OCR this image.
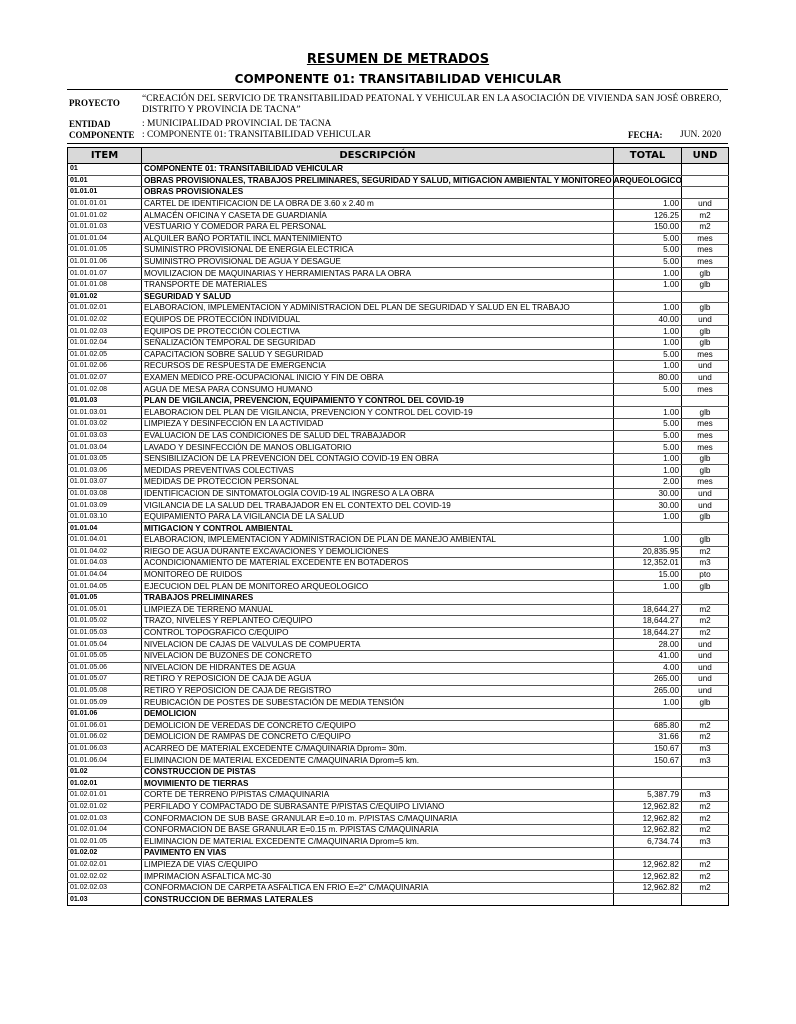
RESUMEN DE METRADOS
COMPONENTE 01: TRANSITABILIDAD VEHICULAR
PROYECTO “CREACIÓN DEL SERVICIO DE TRANSITABILIDAD PEATONAL Y VEHICULAR EN LA ASOCIACIÓN DE VIVIENDA SAN JOSÉ OBRERO,
DISTRITO Y PROVINCIA DE TACNA”
ENTIDAD	: MUNICIPALIDAD PROVINCIAL DE TACNA
COMPONENTE : COMPONENTE 01: TRANSITABILIDAD VEHICULAR	FECHA: JUN. 2020
ITEM	DESCRIPCIÓN	TOTAL	UND
01	COMPONENTE 01: TRANSITABILIDAD VEHICULAR		
01.01	OBRAS PROVISIONALES, TRABAJOS PRELIMINARES, SEGURIDAD Y SALUD, MITIGACION AMBIENTAL Y MONITOREO ARQUEOLOGICO		
01.01.01	OBRAS PROVISIONALES		
01.01.01.01	CARTEL DE IDENTIFICACION DE LA OBRA DE 3.60 x 2.40 m	1.00	und
01.01.01.02	ALMACÉN OFICINA Y CASETA DE GUARDIANÍA	126.25	m2
01.01.01.03	VESTUARIO Y COMEDOR PARA EL PERSONAL	150.00	m2
01.01.01.04	ALQUILER BAÑO PORTATIL INCL MANTENIMIENTO	5.00	mes
01.01.01.05	SUMINISTRO PROVISIONAL DE ENERGIA ELECTRICA	5.00	mes
01.01.01.06	SUMINISTRO PROVISIONAL DE AGUA Y DESAGUE	5.00	mes
01.01.01.07	MOVILIZACION DE MAQUINARIAS Y HERRAMIENTAS PARA LA OBRA	1.00	glb
01.01.01.08	TRANSPORTE DE MATERIALES	1.00	glb
01.01.02	SEGURIDAD Y SALUD		
01.01.02.01	ELABORACION, IMPLEMENTACION Y ADMINISTRACION DEL PLAN DE SEGURIDAD Y SALUD EN EL TRABAJO	1.00	glb
01.01.02.02	EQUIPOS DE PROTECCIÓN INDIVIDUAL	40.00	und
01.01.02.03	EQUIPOS DE PROTECCIÓN COLECTIVA	1.00	glb
01.01.02.04	SEÑALIZACIÓN TEMPORAL DE SEGURIDAD	1.00	glb
01.01.02.05	CAPACITACION SOBRE SALUD Y SEGURIDAD	5.00	mes
01.01.02.06	RECURSOS DE RESPUESTA DE EMERGENCIA	1.00	und
01.01.02.07	EXAMEN MEDICO PRE-OCUPACIONAL INICIO Y FIN DE OBRA	80.00	und
01.01.02.08	AGUA DE MESA PARA CONSUMO HUMANO	5.00	mes
01.01.03	PLAN DE VIGILANCIA, PREVENCION, EQUIPAMIENTO Y CONTROL DEL COVID-19		
01.01.03.01	ELABORACION DEL PLAN DE VIGILANCIA, PREVENCION Y CONTROL DEL COVID-19	1.00	glb
01.01.03.02	LIMPIEZA Y DESINFECCIÓN EN LA ACTIVIDAD	5.00	mes
01.01.03.03	EVALUACION DE LAS CONDICIONES DE SALUD DEL TRABAJADOR	5.00	mes
01.01.03.04	LAVADO Y DESINFECCIÓN DE MANOS OBLIGATORIO	5.00	mes
01.01.03.05	SENSIBILIZACION DE LA PREVENCION DEL CONTAGIO COVID-19 EN OBRA	1.00	glb
01.01.03.06	MEDIDAS PREVENTIVAS COLECTIVAS	1.00	glb
01.01.03.07	MEDIDAS DE PROTECCION PERSONAL	2.00	mes
01.01.03.08	IDENTIFICACION DE SINTOMATOLOGÍA COVID-19 AL INGRESO A LA OBRA	30.00	und
01.01.03.09	VIGILANCIA DE LA SALUD DEL TRABAJADOR EN EL CONTEXTO DEL COVID-19	30.00	und
01.01.03.10	EQUIPAMIENTO PARA LA VIGILANCIA DE LA SALUD	1.00	glb
01.01.04	MITIGACION Y CONTROL AMBIENTAL		
01.01.04.01	ELABORACION, IMPLEMENTACION Y ADMINISTRACION DE PLAN DE MANEJO AMBIENTAL	1.00	glb
01.01.04.02	RIEGO DE AGUA DURANTE EXCAVACIONES Y DEMOLICIONES	20,835.95	m2
01.01.04.03	ACONDICIONAMIENTO DE MATERIAL EXCEDENTE EN BOTADEROS	12,352.01	m3
01.01.04.04	MONITOREO DE RUIDOS	15.00	pto
01.01.04.05	EJECUCION DEL PLAN DE MONITOREO ARQUEOLOGICO	1.00	glb
01.01.05	TRABAJOS PRELIMINARES		
01.01.05.01	LIMPIEZA DE TERRENO MANUAL	18,644.27	m2
01.01.05.02	TRAZO, NIVELES Y REPLANTEO C/EQUIPO	18,644.27	m2
01.01.05.03	CONTROL TOPOGRAFICO C/EQUIPO	18,644.27	m2
01.01.05.04	NIVELACION DE CAJAS DE VALVULAS DE COMPUERTA	28.00	und
01.01.05.05	NIVELACION DE BUZONES DE CONCRETO	41.00	und
01.01.05.06	NIVELACION DE HIDRANTES DE AGUA	4.00	und
01.01.05.07	RETIRO Y REPOSICION DE CAJA DE AGUA	265.00	und
01.01.05.08	RETIRO Y REPOSICION DE CAJA DE REGISTRO	265.00	und
01.01.05.09	REUBICACIÓN DE POSTES DE SUBESTACIÓN DE MEDIA TENSIÓN	1.00	glb
01.01.06	DEMOLICION		
01.01.06.01	DEMOLICION DE VEREDAS DE CONCRETO C/EQUIPO	685.80	m2
01.01.06.02	DEMOLICION DE RAMPAS DE CONCRETO C/EQUIPO	31.66	m2
01.01.06.03	ACARREO DE MATERIAL EXCEDENTE C/MAQUINARIA Dprom= 30m.	150.67	m3
01.01.06.04	ELIMINACION DE MATERIAL EXCEDENTE C/MAQUINARIA Dprom=5 km.	150.67	m3
01.02	CONSTRUCCION DE PISTAS		
01.02.01	MOVIMIENTO DE TIERRAS		
01.02.01.01	CORTE DE TERRENO P/PISTAS C/MAQUINARIA	5,387.79	m3
01.02.01.02	PERFILADO Y COMPACTADO DE SUBRASANTE P/PISTAS C/EQUIPO LIVIANO	12,962.82	m2
01.02.01.03	CONFORMACION DE SUB BASE GRANULAR E=0.10 m. P/PISTAS C/MAQUINARIA	12,962.82	m2
01.02.01.04	CONFORMACION DE BASE GRANULAR E=0.15 m. P/PISTAS C/MAQUINARIA	12,962.82	m2
01.02.01.05	ELIMINACION DE MATERIAL EXCEDENTE C/MAQUINARIA Dprom=5 km.	6,734.74	m3
01.02.02	PAVIMENTO EN VIAS		
01.02.02.01	LIMPIEZA DE VIAS C/EQUIPO	12,962.82	m2
01.02.02.02	IMPRIMACION ASFALTICA MC-30	12,962.82	m2
01.02.02.03	CONFORMACION DE CARPETA ASFALTICA EN FRIO E=2" C/MAQUINARIA	12,962.82	m2
01.03	CONSTRUCCION DE BERMAS LATERALES		
